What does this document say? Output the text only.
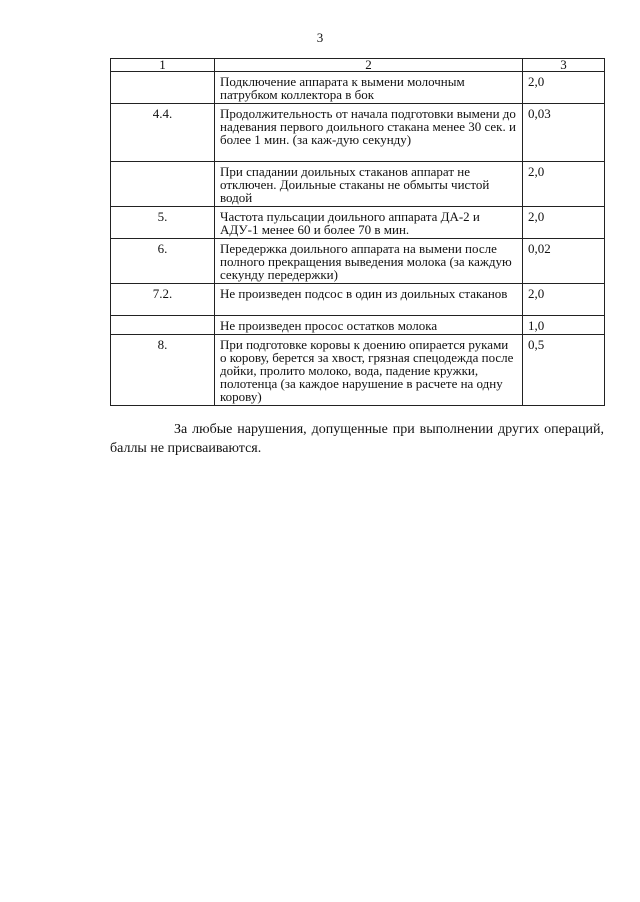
3
1	2	3
	Подключение аппарата к вымени молочным патрубком коллектора в бок	2,0
4.4.	Продолжительность от начала подготовки вымени до надевания первого доильного стакана менее 30 сек. и более 1 мин. (за каж-дую секунду)	0,03
	При спадании доильных стаканов аппарат не отключен. Доильные стаканы не обмыты чистой водой	2,0
5.	Частота пульсации доильного аппарата ДА-2 и АДУ-1 менее 60 и более 70 в мин.	2,0
6.	Передержка доильного аппарата на вымени после полного прекращения выведения молока (за каждую секунду передержки)	0,02
7.2.	Не произведен подсос в один из доильных стаканов	2,0
	Не произведен просос остатков молока	1,0
8.	При подготовке коровы к доению опирается руками о корову, берется за хвост, грязная спецодежда после дойки, пролито молоко, вода, падение кружки, полотенца (за каждое нарушение в расчете на одну корову)	0,5
За любые нарушения, допущенные при выполнении других операций, баллы не присваиваются.
